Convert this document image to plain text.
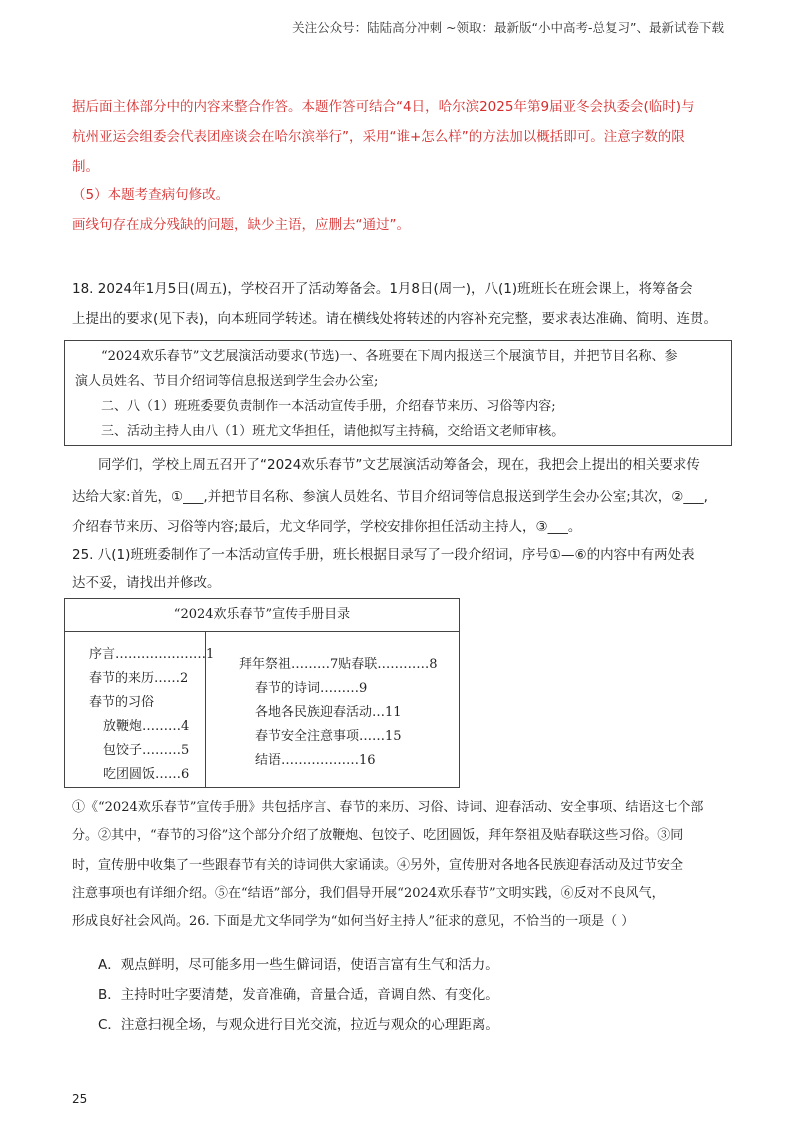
关注公众号：陆陆高分冲刺 ~领取：最新版“小中高考-总复习”、最新试卷下载
据后面主体部分中的内容来整合作答。本题作答可结合“4日，哈尔滨2025年第9届亚冬会执委会(临时)与
杭州亚运会组委会代表团座谈会在哈尔滨举行”，采用“谁+怎么样”的方法加以概括即可。注意字数的限
制。
（5）本题考查病句修改。
画线句存在成分残缺的问题，缺少主语，应删去“通过”。
18. 2024年1月5日(周五)，学校召开了活动筹备会。1月8日(周一)，八(1)班班长在班会课上，将筹备会
上提出的要求(见下表)，向本班同学转述。请在横线处将转述的内容补充完整，要求表达准确、简明、连贯。
“2024欢乐春节”文艺展演活动要求(节选)一、各班要在下周内报送三个展演节目，并把节目名称、参
演人员姓名、节目介绍词等信息报送到学生会办公室;
二、八（1）班班委要负责制作一本活动宣传手册，介绍春节来历、习俗等内容;
三、活动主持人由八（1）班尤文华担任，请他拟写主持稿，交给语文老师审核。
同学们，学校上周五召开了“2024欢乐春节”文艺展演活动筹备会，现在，我把会上提出的相关要求传
达给大家:首先，①___,并把节目名称、参演人员姓名、节目介绍词等信息报送到学生会办公室;其次，②___,
介绍春节来历、习俗等内容;最后，尤文华同学，学校安排你担任活动主持人，③___。
25. 八(1)班班委制作了一本活动宣传手册，班长根据目录写了一段介绍词，序号①—⑥的内容中有两处表
达不妥，请找出并修改。
“2024欢乐春节”宣传手册目录
序言…………………1
春节的来历……2
春节的习俗
放鞭炮………4
包饺子………5
吃团圆饭……6
拜年祭祖………7贴春联…………8
春节的诗词………9
各地各民族迎春活动…11
春节安全注意事项……15
结语………………16
①《“2024欢乐春节”宣传手册》共包括序言、春节的来历、习俗、诗词、迎春活动、安全事项、结语这七个部
分。②其中，“春节的习俗”这个部分介绍了放鞭炮、包饺子、吃团圆饭，拜年祭祖及贴春联这些习俗。③同
时，宣传册中收集了一些跟春节有关的诗词供大家诵读。④另外，宣传册对各地各民族迎春活动及过节安全
注意事项也有详细介绍。⑤在“结语”部分，我们倡导开展“2024欢乐春节”文明实践，⑥反对不良风气，
形成良好社会风尚。26. 下面是尤文华同学为“如何当好主持人”征求的意见，不恰当的一项是（ ）
A．观点鲜明，尽可能多用一些生僻词语，使语言富有生气和活力。
B．主持时吐字要清楚，发音准确，音量合适，音调自然、有变化。
C．注意扫视全场，与观众进行目光交流，拉近与观众的心理距离。
25
